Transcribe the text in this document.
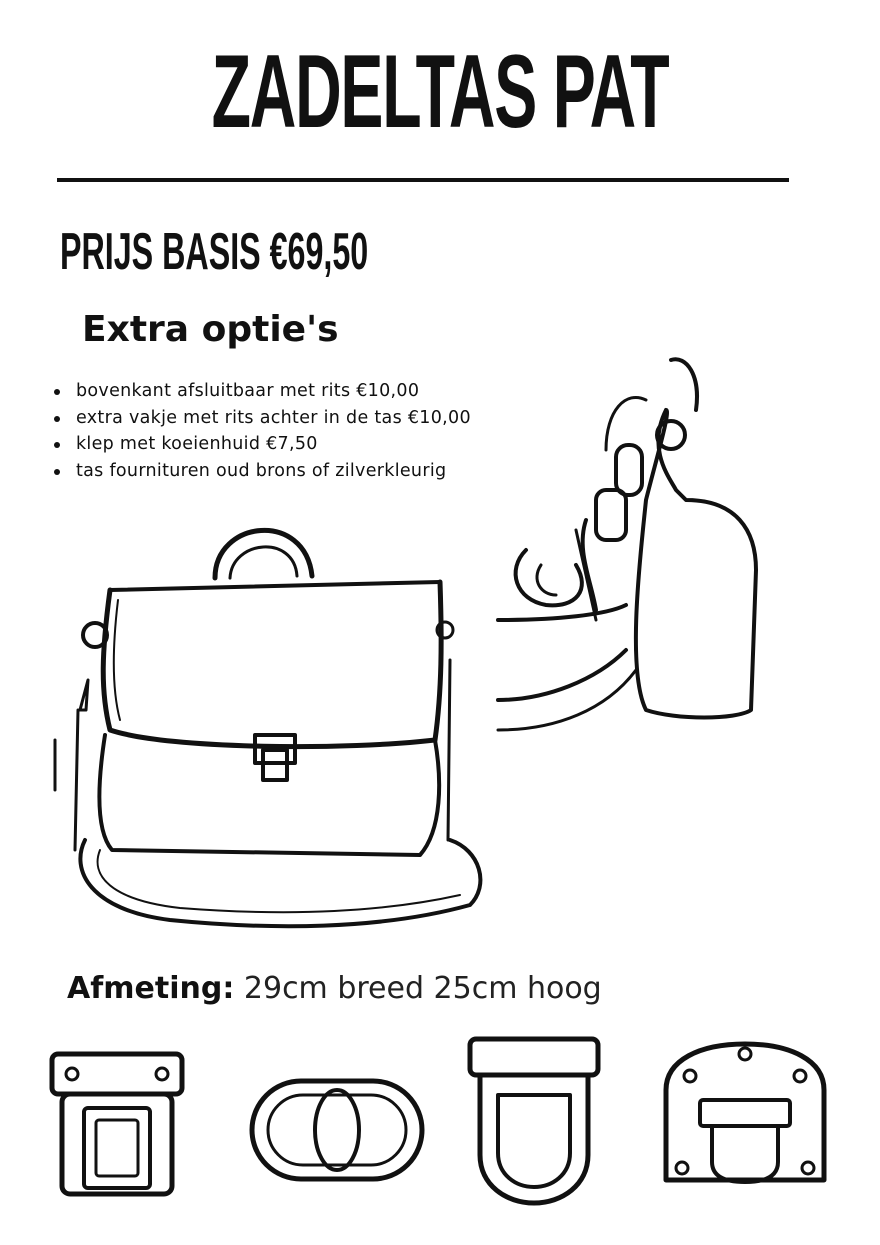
ZADELTAS PAT
PRIJS BASIS €69,50
Extra optie's
bovenkant afsluitbaar met rits €10,00
extra vakje met rits achter in de tas €10,00
klep met koeienhuid €7,50
tas fournituren oud brons of zilverkleurig
Afmeting: 29cm breed 25cm hoog
